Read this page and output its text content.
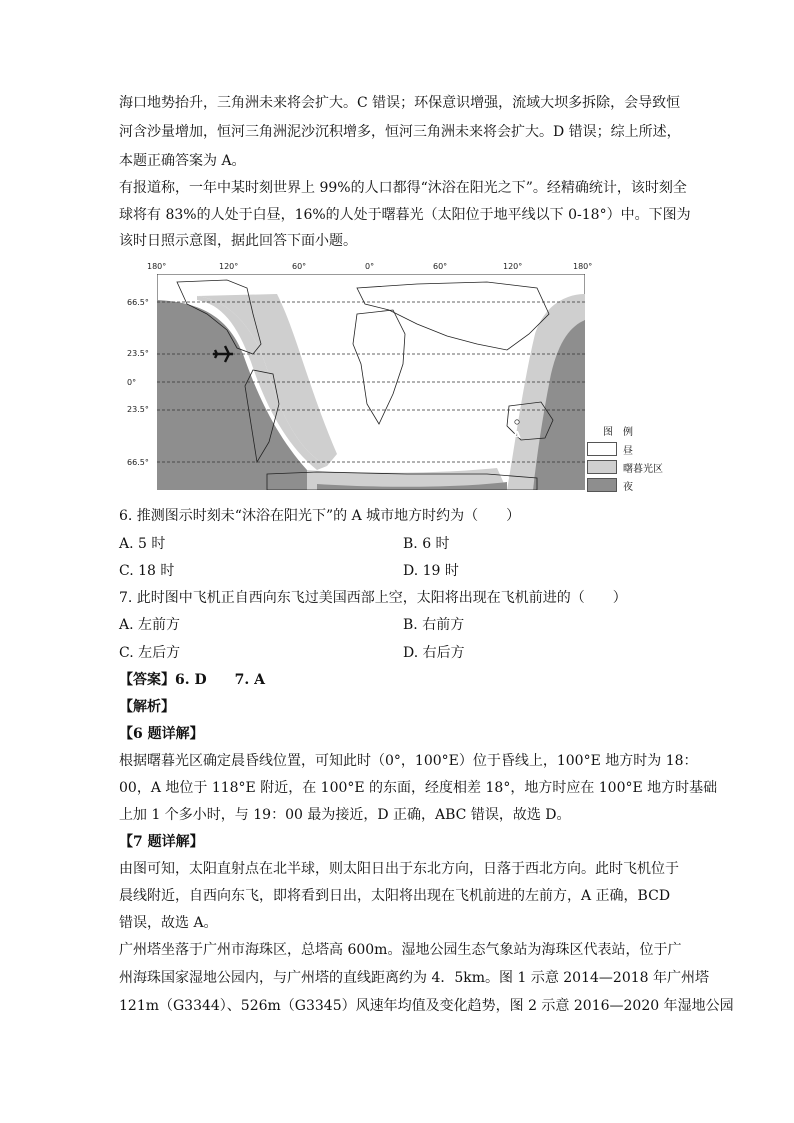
海口地势抬升，三角洲未来将会扩大。C 错误；环保意识增强，流域大坝多拆除，会导致恒
河含沙量增加，恒河三角洲泥沙沉积增多，恒河三角洲未来将会扩大。D 错误；综上所述，
本题正确答案为 A。
有报道称，一年中某时刻世界上 99%的人口都得“沐浴在阳光之下”。经精确统计，该时刻全
球将有 83%的人处于白昼，16%的人处于曙暮光（太阳位于地平线以下 0-18°）中。下图为
该时日照示意图，据此回答下面小题。
180°	120°	60°	0°	60°	120°	180°
66.5°
23.5°
0°
23.5°
66.5°
A	图　例
昼
曙暮光区
夜
6. 推测图示时刻未“沐浴在阳光下”的 A 城市地方时约为（　　）
A. 5 时	B. 6 时
C. 18 时	D. 19 时
7. 此时图中飞机正自西向东飞过美国西部上空，太阳将出现在飞机前进的（　　）
A. 左前方	B. 右前方
C. 左后方	D. 右后方
【答案】6. D　　7. A
【解析】
【6 题详解】
根据曙暮光区确定晨昏线位置，可知此时（0°，100°E）位于昏线上，100°E 地方时为 18：
00，A 地位于 118°E 附近，在 100°E 的东面，经度相差 18°，地方时应在 100°E 地方时基础
上加 1 个多小时，与 19：00 最为接近，D 正确，ABC 错误，故选 D。
【7 题详解】
由图可知，太阳直射点在北半球，则太阳日出于东北方向，日落于西北方向。此时飞机位于
晨线附近，自西向东飞，即将看到日出，太阳将出现在飞机前进的左前方，A 正确，BCD
错误，故选 A。
广州塔坐落于广州市海珠区，总塔高 600m。湿地公园生态气象站为海珠区代表站，位于广
州海珠国家湿地公园内，与广州塔的直线距离约为 4．5km。图 1 示意 2014—2018 年广州塔
121m（G3344）、526m（G3345）风速年均值及变化趋势，图 2 示意 2016—2020 年湿地公园
